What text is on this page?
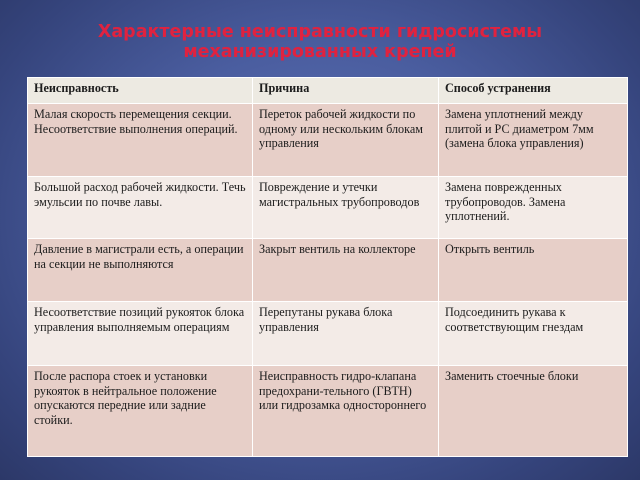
Характерные неисправности гидросистемы
механизированных крепей
Неисправность	Причина	Способ устранения
Малая скорость перемещения секции. Несоответствие выполнения операций.	Переток рабочей жидкости по одному или нескольким блокам управления	Замена уплотнений между плитой и РС диаметром 7мм (замена блока управления)
Большой расход рабочей жидкости. Течь эмульсии по почве лавы.	Повреждение и утечки магистральных трубопроводов	Замена поврежденных трубопроводов. Замена уплотнений.
Давление в магистрали есть, а операции на секции не выполняются	Закрыт вентиль на коллекторе	Открыть вентиль
Несоответствие позиций рукояток блока управления выполняемым операциям	Перепутаны рукава блока управления	Подсоединить рукава к соответствующим гнездам
После распора стоек и установки рукояток в нейтральное положение опускаются передние или задние стойки.	Неисправность гидро-клапана предохрани-тельного (ГВТН) или гидрозамка одностороннего	Заменить стоечные блоки
